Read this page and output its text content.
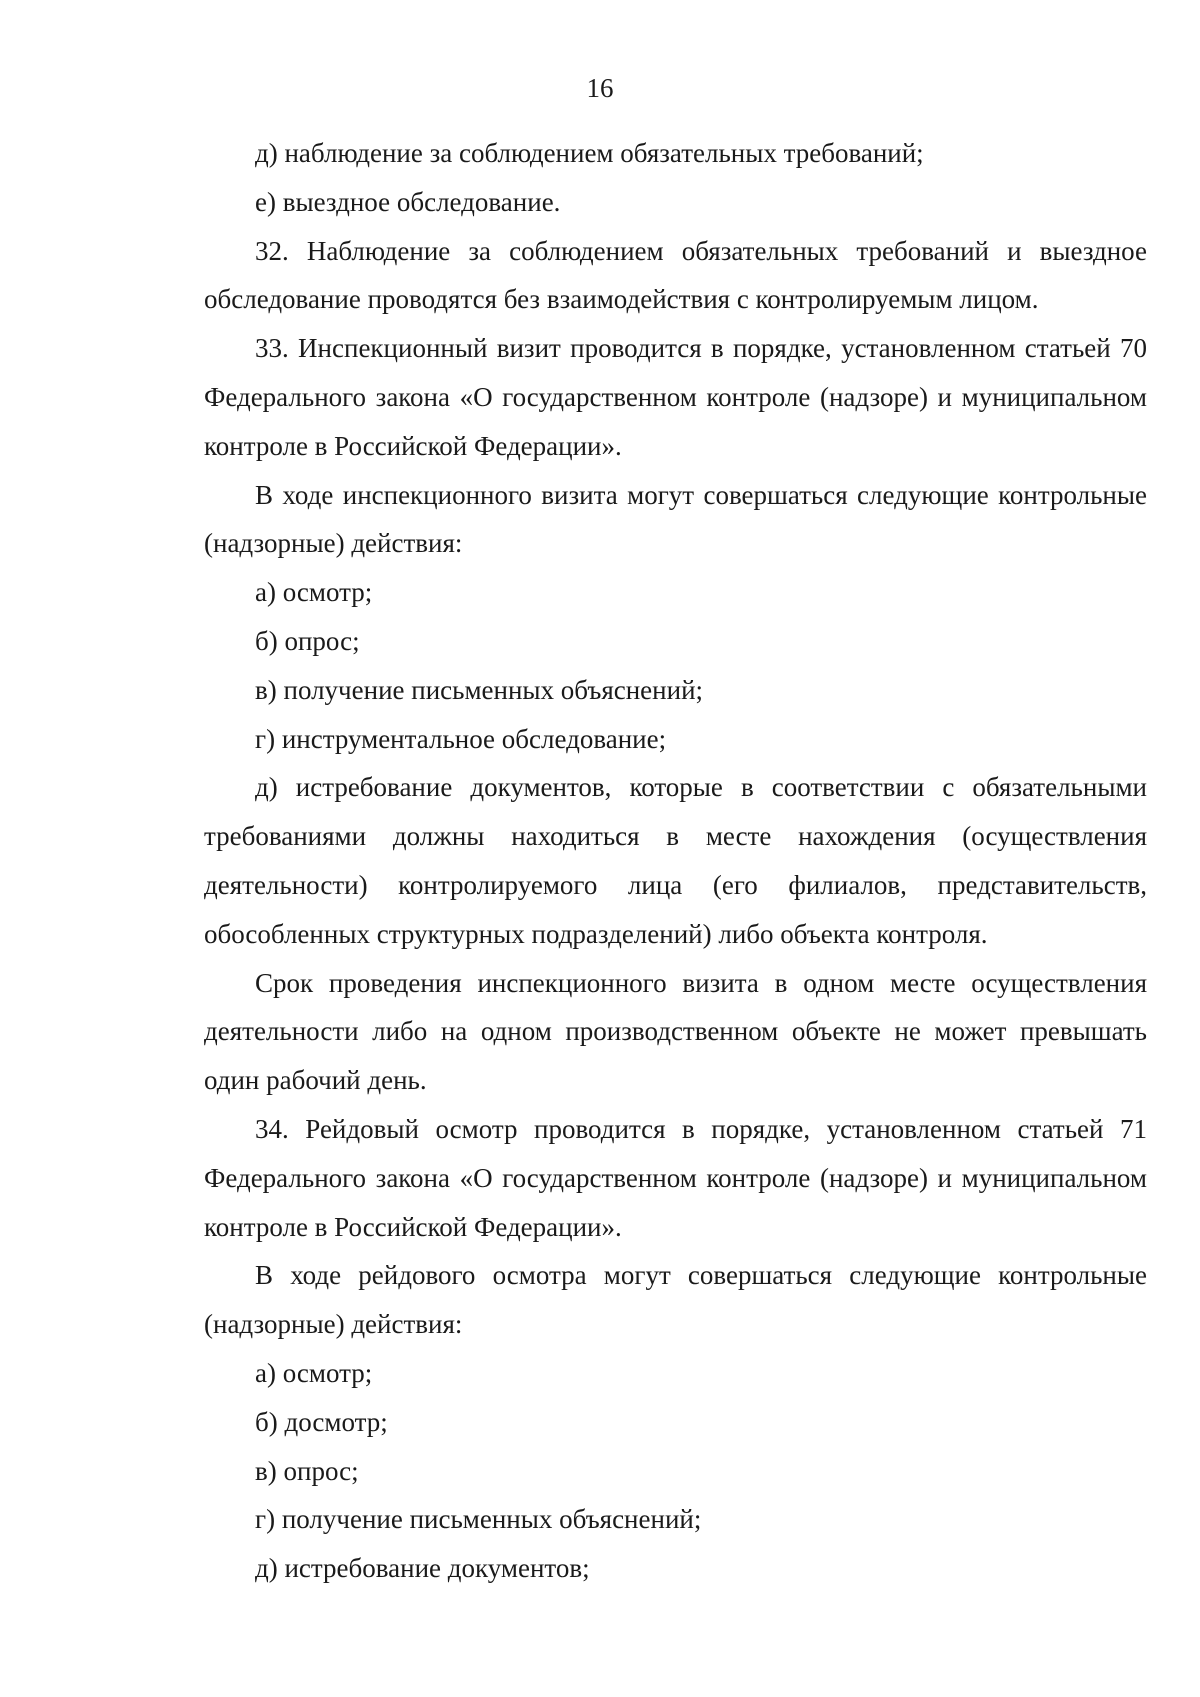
16

д) наблюдение за соблюдением обязательных требований;

е) выездное обследование.

32. Наблюдение за соблюдением обязательных требований и выездное обследование проводятся без взаимодействия с контролируемым лицом.

33. Инспекционный визит проводится в порядке, установленном статьей 70 Федерального закона «О государственном контроле (надзоре) и муниципальном контроле в Российской Федерации».

В ходе инспекционного визита могут совершаться следующие контрольные (надзорные) действия:

а) осмотр;

б) опрос;

в) получение письменных объяснений;

г) инструментальное обследование;

д) истребование документов, которые в соответствии с обязательными требованиями должны находиться в месте нахождения (осуществления деятельности) контролируемого лица (его филиалов, представительств, обособленных структурных подразделений) либо объекта контроля.

Срок проведения инспекционного визита в одном месте осуществления деятельности либо на одном производственном объекте не может превышать один рабочий день.

34. Рейдовый осмотр проводится в порядке, установленном статьей 71 Федерального закона «О государственном контроле (надзоре) и муниципальном контроле в Российской Федерации».

В ходе рейдового осмотра могут совершаться следующие контрольные (надзорные) действия:

а) осмотр;

б) досмотр;

в) опрос;

г) получение письменных объяснений;

д) истребование документов;
